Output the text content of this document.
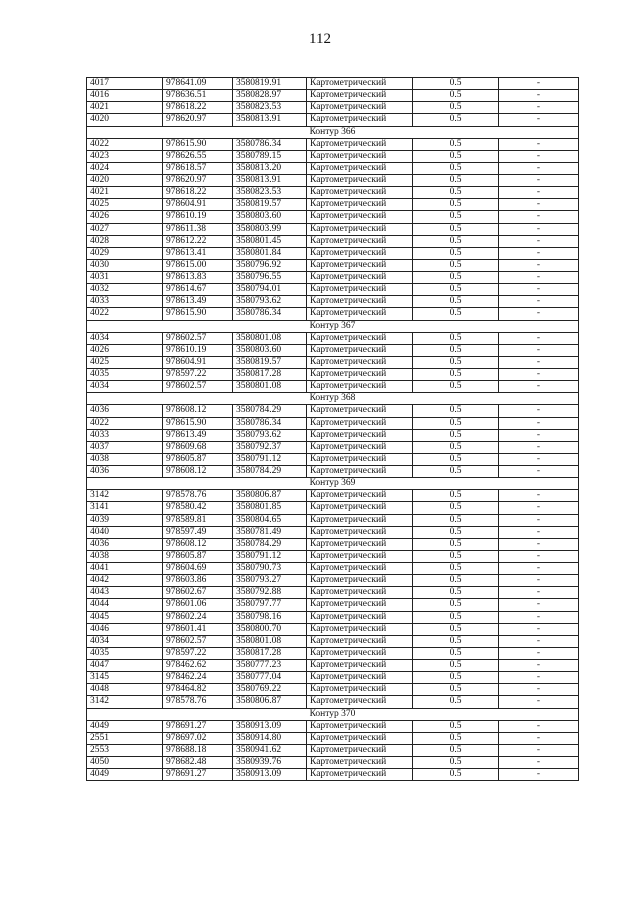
112
4017	978641.09	3580819.91	Картометрический	0.5	-
4016	978636.51	3580828.97	Картометрический	0.5	-
4021	978618.22	3580823.53	Картометрический	0.5	-
4020	978620.97	3580813.91	Картометрический	0.5	-
Контур 366					
4022	978615.90	3580786.34	Картометрический	0.5	-
4023	978626.55	3580789.15	Картометрический	0.5	-
4024	978618.57	3580813.20	Картометрический	0.5	-
4020	978620.97	3580813.91	Картометрический	0.5	-
4021	978618.22	3580823.53	Картометрический	0.5	-
4025	978604.91	3580819.57	Картометрический	0.5	-
4026	978610.19	3580803.60	Картометрический	0.5	-
4027	978611.38	3580803.99	Картометрический	0.5	-
4028	978612.22	3580801.45	Картометрический	0.5	-
4029	978613.41	3580801.84	Картометрический	0.5	-
4030	978615.00	3580796.92	Картометрический	0.5	-
4031	978613.83	3580796.55	Картометрический	0.5	-
4032	978614.67	3580794.01	Картометрический	0.5	-
4033	978613.49	3580793.62	Картометрический	0.5	-
4022	978615.90	3580786.34	Картометрический	0.5	-
Контур 367					
4034	978602.57	3580801.08	Картометрический	0.5	-
4026	978610.19	3580803.60	Картометрический	0.5	-
4025	978604.91	3580819.57	Картометрический	0.5	-
4035	978597.22	3580817.28	Картометрический	0.5	-
4034	978602.57	3580801.08	Картометрический	0.5	-
Контур 368					
4036	978608.12	3580784.29	Картометрический	0.5	-
4022	978615.90	3580786.34	Картометрический	0.5	-
4033	978613.49	3580793.62	Картометрический	0.5	-
4037	978609.68	3580792.37	Картометрический	0.5	-
4038	978605.87	3580791.12	Картометрический	0.5	-
4036	978608.12	3580784.29	Картометрический	0.5	-
Контур 369					
3142	978578.76	3580806.87	Картометрический	0.5	-
3141	978580.42	3580801.85	Картометрический	0.5	-
4039	978589.81	3580804.65	Картометрический	0.5	-
4040	978597.49	3580781.49	Картометрический	0.5	-
4036	978608.12	3580784.29	Картометрический	0.5	-
4038	978605.87	3580791.12	Картометрический	0.5	-
4041	978604.69	3580790.73	Картометрический	0.5	-
4042	978603.86	3580793.27	Картометрический	0.5	-
4043	978602.67	3580792.88	Картометрический	0.5	-
4044	978601.06	3580797.77	Картометрический	0.5	-
4045	978602.24	3580798.16	Картометрический	0.5	-
4046	978601.41	3580800.70	Картометрический	0.5	-
4034	978602.57	3580801.08	Картометрический	0.5	-
4035	978597.22	3580817.28	Картометрический	0.5	-
4047	978462.62	3580777.23	Картометрический	0.5	-
3145	978462.24	3580777.04	Картометрический	0.5	-
4048	978464.82	3580769.22	Картометрический	0.5	-
3142	978578.76	3580806.87	Картометрический	0.5	-
Контур 370					
4049	978691.27	3580913.09	Картометрический	0.5	-
2551	978697.02	3580914.80	Картометрический	0.5	-
2553	978688.18	3580941.62	Картометрический	0.5	-
4050	978682.48	3580939.76	Картометрический	0.5	-
4049	978691.27	3580913.09	Картометрический	0.5	-
